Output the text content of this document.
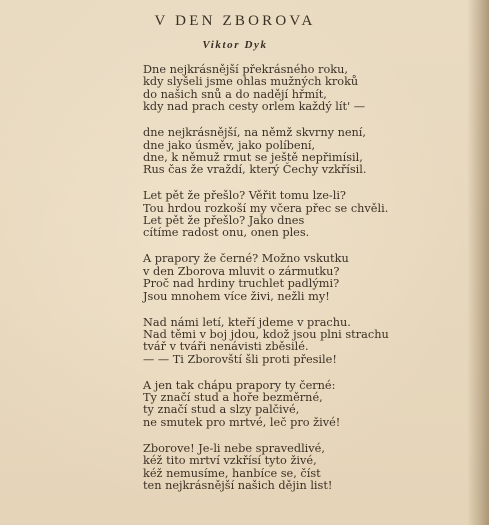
V DEN ZBOROVA
Viktor Dyk
Dne nejkrásnější překrásného roku,
kdy slyšeli jsme ohlas mužných kroků
do našich snů a do nadějí hřmít,
kdy nad prach cesty orlem každý lít' —
dne nejkrásnější, na němž skvrny není,
dne jako úsměv, jako políbení,
dne, k němuž rmut se ještě nepřimísil,
Rus čas že vraždí, který Čechy vzkřísil.
Let pět že přešlo? Věřit tomu lze-li?
Tou hrdou rozkoší my včera přec se chvěli.
Let pět že přešlo? Jako dnes
cítíme radost onu, onen ples.
A prapory že černé? Možno vskutku
v den Zborova mluvit o zármutku?
Proč nad hrdiny truchlet padlými?
Jsou mnohem více živi, nežli my!
Nad námi letí, kteří jdeme v prachu.
Nad těmi v boj jdou, kdož jsou plni strachu
tvář v tváři nenávisti zběsilé.
— — Ti Zborovští šli proti přesile!
A jen tak chápu prapory ty černé:
Ty značí stud a hoře bezměrné,
ty značí stud a slzy palčivé,
ne smutek pro mrtvé, leč pro živé!
Zborove! Je-li nebe spravedlivé,
kéž tito mrtví vzkřísí tyto živé,
kéž nemusíme, hanbíce se, číst
ten nejkrásnější našich dějin list!
